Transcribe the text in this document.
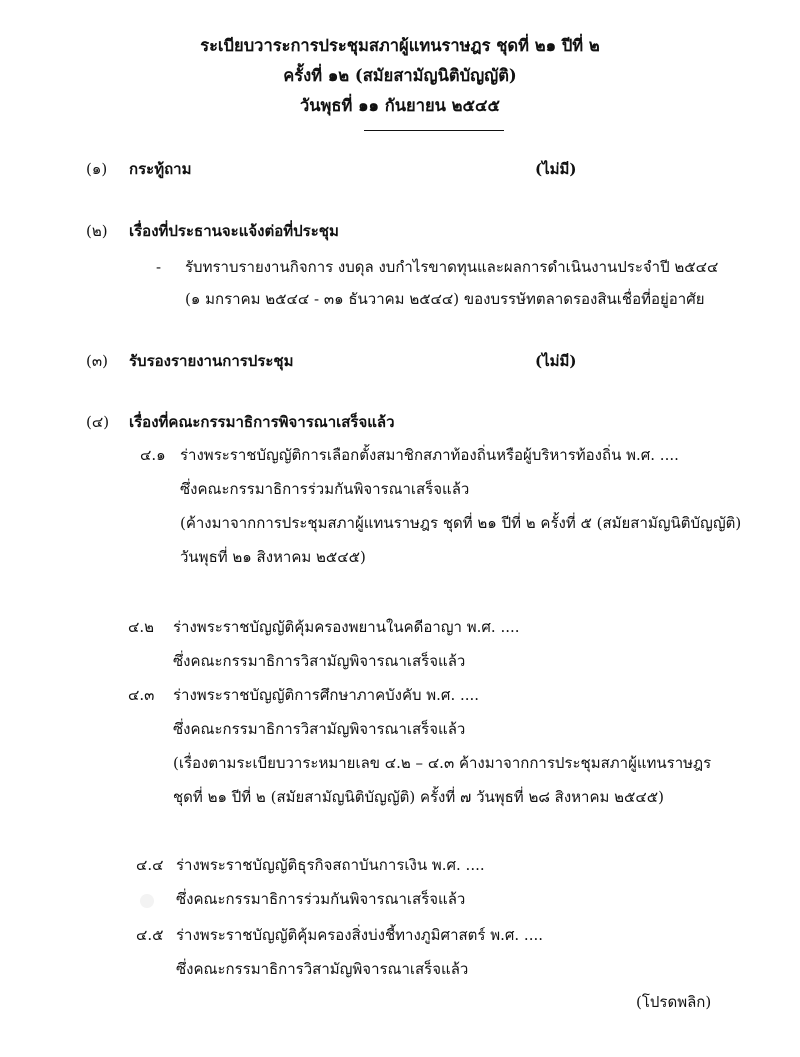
ระเบียบวาระการประชุมสภาผู้แทนราษฎร ชุดที่ ๒๑ ปีที่ ๒
ครั้งที่ ๑๒ (สมัยสามัญนิติบัญญัติ)
วันพุธที่ ๑๑ กันยายน ๒๕๔๕
(๑) กระทู้ถาม	(ไม่มี)
(๒) เรื่องที่ประธานจะแจ้งต่อที่ประชุม
- รับทราบรายงานกิจการ งบดุล งบกำไรขาดทุนและผลการดำเนินงานประจำปี ๒๕๔๔
(๑ มกราคม ๒๕๔๔ - ๓๑ ธันวาคม ๒๕๔๔) ของบรรษัทตลาดรองสินเชื่อที่อยู่อาศัย
(๓) รับรองรายงานการประชุม	(ไม่มี)
(๔) เรื่องที่คณะกรรมาธิการพิจารณาเสร็จแล้ว
๔.๑ ร่างพระราชบัญญัติการเลือกตั้งสมาชิกสภาท้องถิ่นหรือผู้บริหารท้องถิ่น พ.ศ. ....
ซึ่งคณะกรรมาธิการร่วมกันพิจารณาเสร็จแล้ว
(ค้างมาจากการประชุมสภาผู้แทนราษฎร ชุดที่ ๒๑ ปีที่ ๒ ครั้งที่ ๕ (สมัยสามัญนิติบัญญัติ)
วันพุธที่ ๒๑ สิงหาคม ๒๕๔๕)
๔.๒ ร่างพระราชบัญญัติคุ้มครองพยานในคดีอาญา พ.ศ. ....
ซึ่งคณะกรรมาธิการวิสามัญพิจารณาเสร็จแล้ว
๔.๓ ร่างพระราชบัญญัติการศึกษาภาคบังคับ พ.ศ. ....
ซึ่งคณะกรรมาธิการวิสามัญพิจารณาเสร็จแล้ว
(เรื่องตามระเบียบวาระหมายเลข ๔.๒ – ๔.๓ ค้างมาจากการประชุมสภาผู้แทนราษฎร
ชุดที่ ๒๑ ปีที่ ๒ (สมัยสามัญนิติบัญญัติ) ครั้งที่ ๗ วันพุธที่ ๒๘ สิงหาคม ๒๕๔๕)
๔.๔ ร่างพระราชบัญญัติธุรกิจสถาบันการเงิน พ.ศ. ....
ซึ่งคณะกรรมาธิการร่วมกันพิจารณาเสร็จแล้ว
๔.๕ ร่างพระราชบัญญัติคุ้มครองสิ่งบ่งชี้ทางภูมิศาสตร์ พ.ศ. ....
ซึ่งคณะกรรมาธิการวิสามัญพิจารณาเสร็จแล้ว
(โปรดพลิก)
